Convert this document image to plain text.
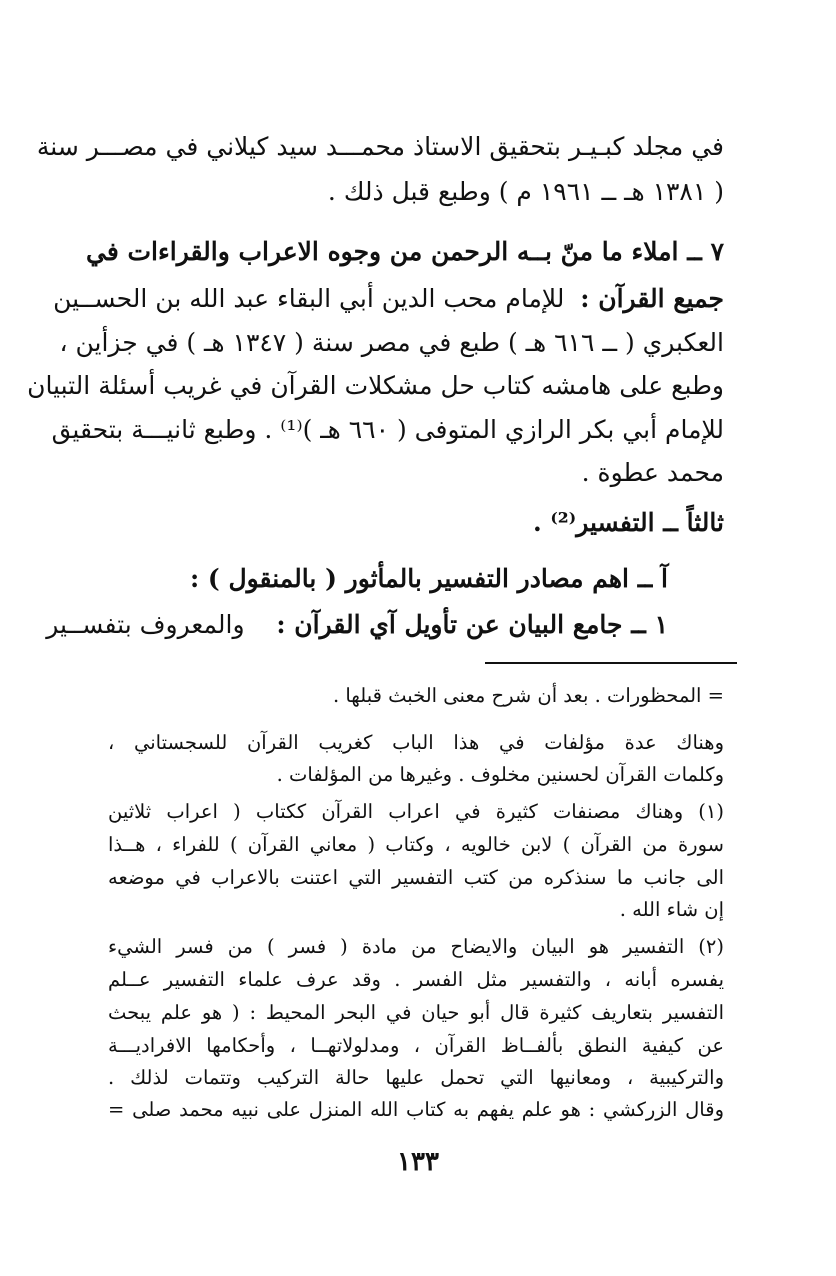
في مجلد كبـيـر بتحقيق الاستاذ محمـــد سيد كيلاني في مصـــر سنة
( ١٣٨١ هـ ــ ١٩٦١ م ) وطبع قبل ذلك .
٧ ــ املاء ما منّ بــه الرحمن من وجوه الاعراب والقراءات في
جميع القرآن :  للإمام محب الدين أبي البقاء عبد الله بن الحســين
العكبري ( ــ ٦١٦ هـ ) طبع في مصر سنة ( ١٣٤٧ هـ ) في جزأين ،
وطبع على هامشه كتاب حل مشكلات القرآن في غريب أسئلة التبيان
للإمام أبي بكر الرازي المتوفى ( ٦٦٠ هـ )⁽¹⁾ . وطبع ثانيـــة بتحقيق
محمد عطوة .
ثالثاً ــ التفسير⁽²⁾ .
آ ــ اهم مصادر التفسير بالمأثور ( بالمنقول ) :
١ ــ جامع البيان عن تأويل آي القرآن :    والمعروف بتفســير
= المحظورات . بعد أن شرح معنى الخبث قبلها .
وهناك عدة مؤلفات في هذا الباب كغريب القرآن للسجستاني ،
وكلمات القرآن لحسنين مخلوف . وغيرها من المؤلفات .
(١) وهناك مصنفات كثيرة في اعراب القرآن ككتاب ( اعراب ثلاثين
سورة من القرآن ) لابن خالويه ، وكتاب ( معاني القرآن ) للفراء ، هــذا
الى جانب ما سنذكره من كتب التفسير التي اعتنت بالاعراب في موضعه
إن شاء الله .
(٢) التفسير هو البيان والايضاح من مادة ( فسر ) من فسر الشيء
يفسره أبانه ، والتفسير مثل الفسر . وقد عرف علماء التفسير عــلم
التفسير بتعاريف كثيرة قال أبو حيان في البحر المحيط : ( هو علم يبحث
عن كيفية النطق بألفــاظ القرآن ، ومدلولاتهــا ، وأحكامها الافراديـــة
والتركيبية ، ومعانيها التي تحمل عليها حالة التركيب وتتمات لذلك .
وقال الزركشي : هو علم يفهم به كتاب الله المنزل على نبيه محمد صلى =
١٣٣
